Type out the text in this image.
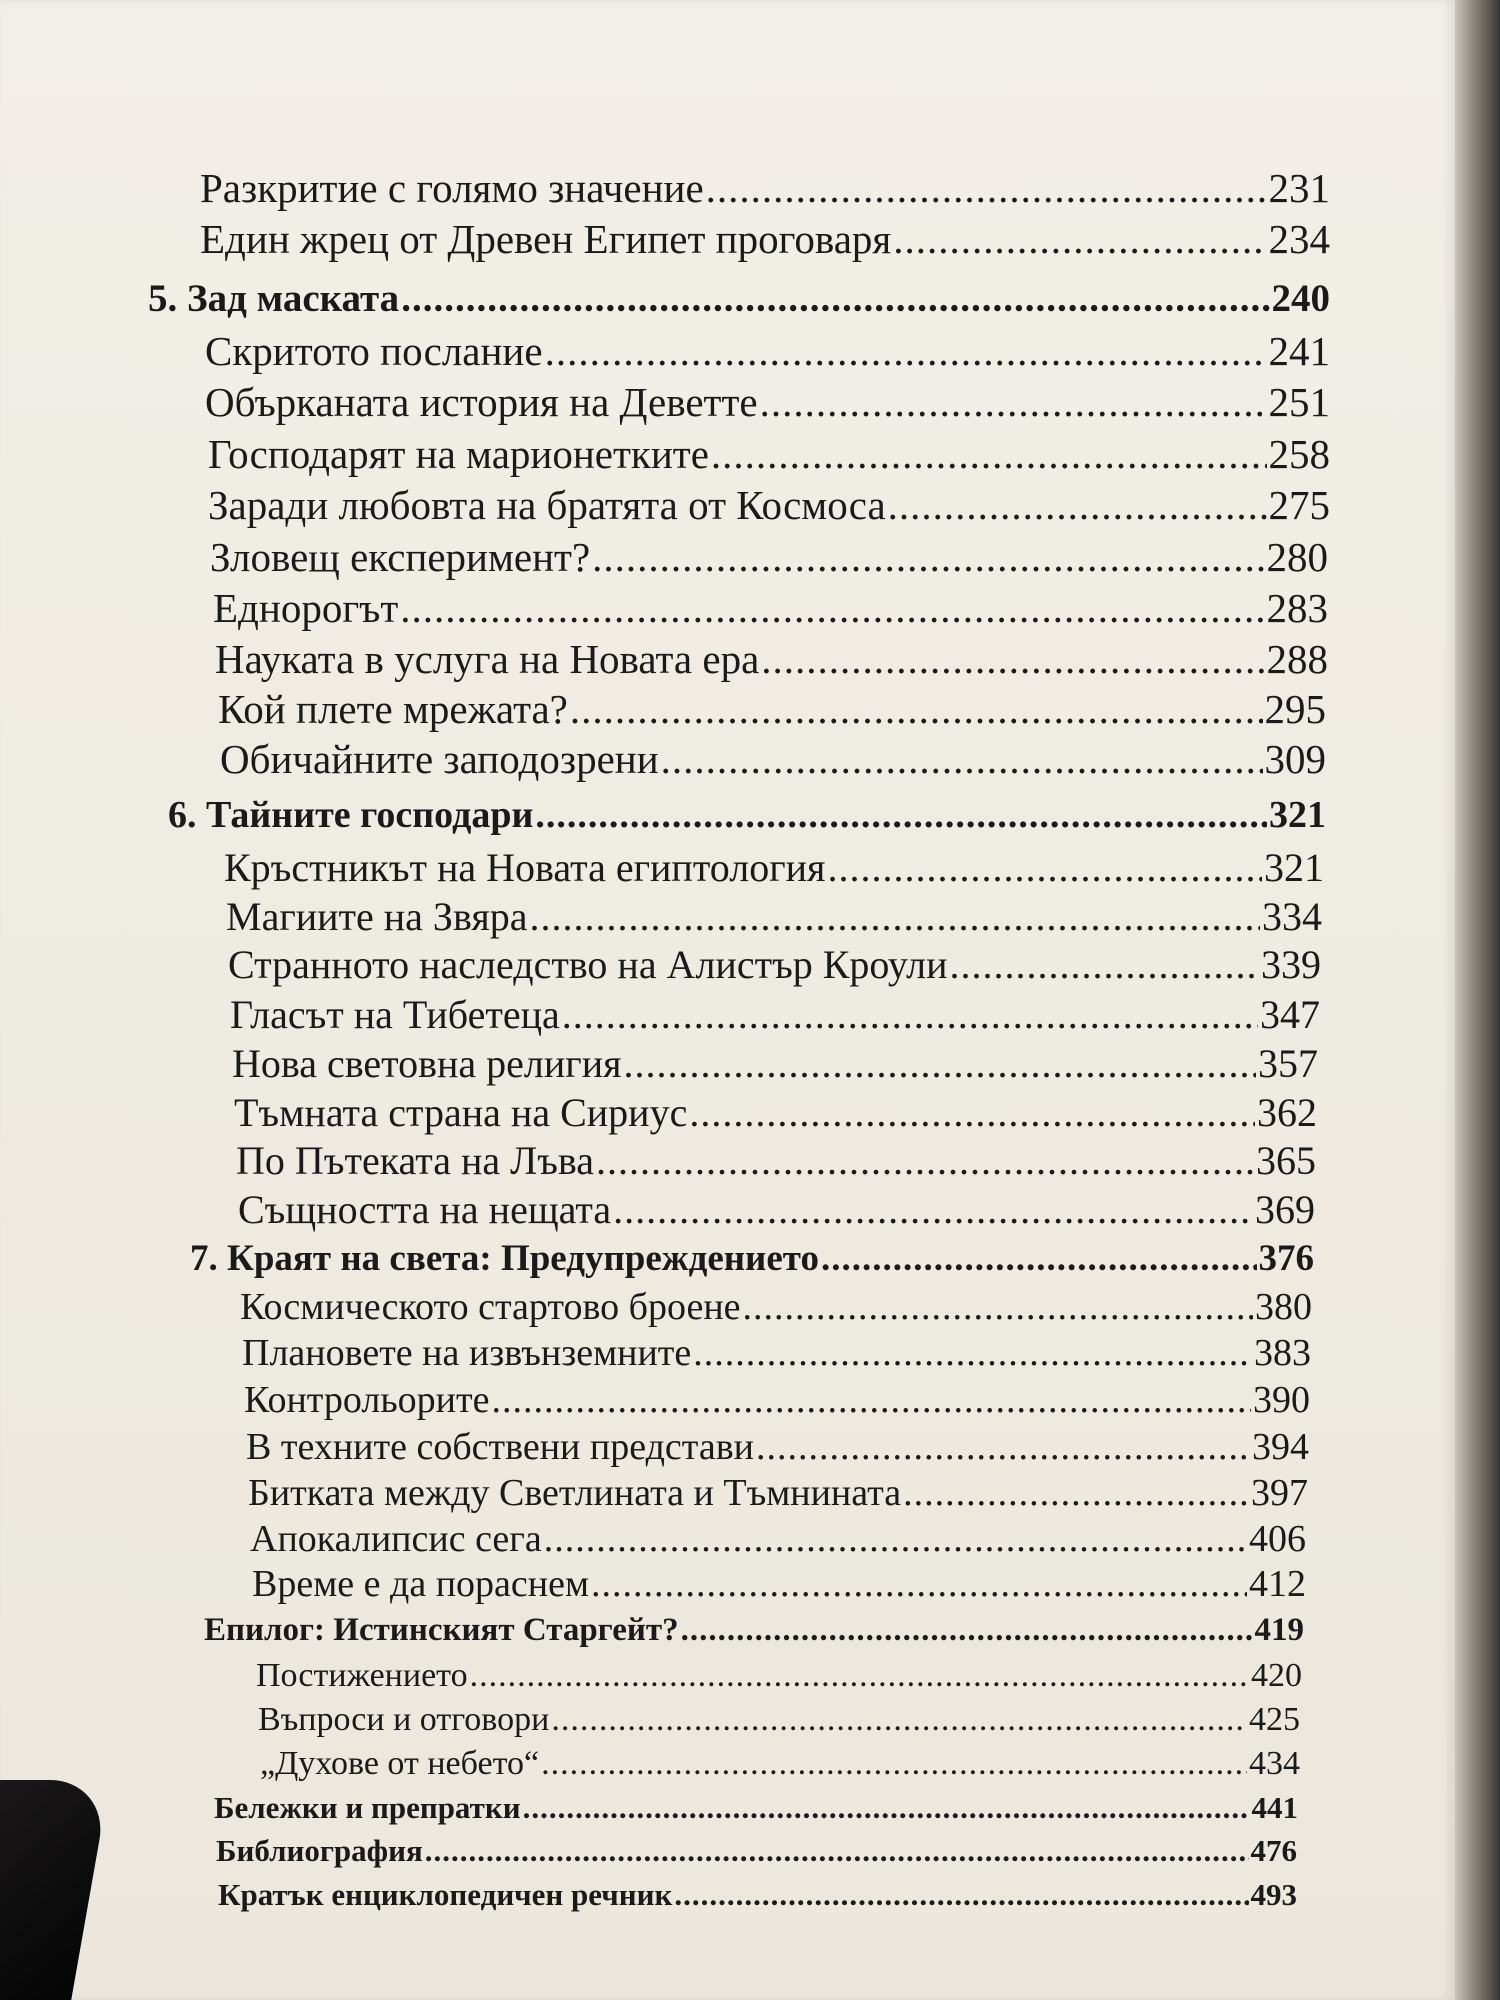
Разкритие с голямо значение .....	231
Един жрец от Древен Египет проговаря .....	234
5. Зад маската .....	240
Скритото послание .....	241
Обърканата история на Деветте .....	251
Господарят на марионетките .....	258
Заради любовта на братята от Космоса .....	275
Зловещ експеримент? .....	280
Еднорогът .....	283
Науката в услуга на Новата ера .....	288
Кой плете мрежата? .....	295
Обичайните заподозрени .....	309
6. Тайните господари .....	321
Кръстникът на Новата египтология .....	321
Магиите на Звяра .....	334
Странното наследство на Алистър Кроули .....	339
Гласът на Тибетеца .....	347
Нова световна религия .....	357
Тъмната страна на Сириус .....	362
По Пътеката на Лъва .....	365
Същността на нещата .....	369
7. Краят на света: Предупреждението .....	376
Космическото стартово броене .....	380
Плановете на извънземните .....	383
Контрольорите .....	390
В техните собствени представи .....	394
Битката между Светлината и Тъмнината .....	397
Апокалипсис сега .....	406
Време е да пораснем .....	412
Епилог: Истинският Старгейт? .....	419
Постижението .....	420
Въпроси и отговори .....	425
„Духове от небето“ .....	434
Бележки и препратки .....	441
Библиография .....	476
Кратък енциклопедичен речник .....	493
